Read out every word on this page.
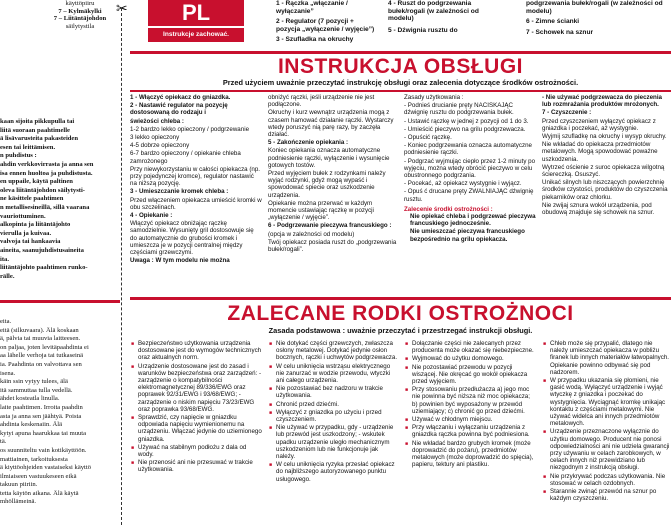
käyttöpiiru
7 – Kylmäkylki
7 – Liitäntäjohdon
säilytystila
kaan sijoita pikkupulla tai
liitä suoraan paahtimelle
ä lisävarusteita pakasteiden
esen tai leittämisen.
n puhdistus :
ahdin verkkovirrasta ja anna sen
isa ennen huoltoa ja puhdistusta.
en uppaile, käytä paltinen
oleva liitäntäjohdon säilytysti-
ne käsittele paahtimen
n metallisesineillä, sillä vaarana
vauriottuminen.
alkopinta ja liitäntäjohto
vierulla ja kuivaa.
valvoja tai hankaavia
aineita, saanujuhdistusaineita
ita.
liitäntäjohto paahtimen runko-
rälle.
eita.
eitä (silkuvaara). Älä koskaan
ä, pälvia tai muuvia laitteesen.
on paljaa, joten levitäpaahdinta ei
aa lähelle verhoja tai tutkaseinä
ia. Paahdinta on valvottava sen
isena.
käin ssin vytyy tulees, älä
itä sammuttaa tulla vedellä.
ähdet kosteatla linulla.
laite paahtimen. Irroita paahdin
asta ja anna sen jäähtyä. Poista
ahdinta keskenaiin. Älä
kytyi apuna haarukkaa tai muuta
tä.
os suunniteltu vain kotikäyttöön.
mattiainen, tarkoituksesta
ä kiyttöohjeiden vastaiseksi käyttö
ilmiaiseen vastuukeseen eikä
takuun piiriin.
tetta käytön aikana. Älä käytä
mhöllämeinä.
✂	PL
Instrukcje zachować.
1 - Rączka „włączanie / wyłączanie”
2 - Regulator (7 pozycji + pozycja „wyłączenie / wyjęcie”)
3 - Szufladka na okruchy
4 - Ruszt do podgrzewania bułek/rogali (w zależności od modelu)
5 - Dźwignia rusztu do
podgrzewania bułek/rogali (w zależności od modelu)
6 - Zimne ścianki
7 - Schowek na sznur
INSTRUKCJA OBSŁUGI
Przed użyciem uważnie przeczytać instrukcję obsługi oraz zalecenia dotyczące środków ostrożności.
1 - Włączyć opiekacz do gniazdka.
2 - Nastawić regulator na pozycję dostosowaną do rodzaju i
świeżości chleba :
1-2 bardzo lekko opieczony / podgrzewanie
3 lekko opieczony
4-5 dobrze opieczony
6-7 bardzo opieczony / opiekanie chleba zamrożonego
Przy niewykorzystaniu w całości opiekacza (np. przy pojedynczej kromce), regulator nastawić na niższą pozycję.
3 - Umieszczanie kromek chleba :
Przed włączeniem opiekacza umieścić kromki w obu szczelinach.
4 - Opiekanie :
Włączyć opiekacz obniżając rączkę samodzielnie. Wysunięty gril dostosowuje się do automatycznie do grubości kromek i umieszcza je w pozycji centralnej między częściami grzewczymi.
Uwaga : W tym modelu nie można
obniżyć rączki, jeśli urządzenie nie jest podłączone.
Okruchy i kurz wewnątrz urządzenia mogą z czasem hamować działanie rączki. Wystarczy wtedy poruszyć nią parę razy, by zaczęła działać.
5 - Zakończenie opiekania :
Koniec opiekania oznacza automatyczne podniesienie rączki, wyłączenie i wysunięcie gotowych tostów.
Przed wyjęciem bułek z rodzynkami należy wyjąć rodzynki, gdyż mogą wypaść i spowodować spiecie oraz uszkodzenie urządzenia.
Opiekanie można przerwać w każdym momencie ustawiając rączkę w pozycji „wyłączenie / wyjęcie”.
6 - Podgrzewanie pieczywa francuskiego :
(opcja w zależności od modelu)
Twój opiekacz posiada ruszt do „podgrzewania bułek/rogali”.
Zasady użytkowania :
- Podnieś drucianie pręty NACISKAJĄC dźwignię rusztu do podgrzewania bułek.
- Ustawić rączkę w jednej z pozycji od 1 do 3.
- Umieścić pieczywo na grilu podgrzewacza.
- Opuścić rączkę.
- Koniec podgrzewania oznacza automatyczne podniesienie rączki.
- Podgrzać wyjmując ciepło przez 1-2 minuty po wyjęciu, można wtedy obrócić pieczywo w celu obustronnego podgrzania.
- Pocekać, aż opiekacz wystygnie i wyjącz.
- Opuś ć drucane pręty ZWALNIAJĄC dźwignię rusztu.
Zalecenie środki ostrożności :
Nie opiekać chleba i podgrzewać pieczywa francuskiego jednocześnie.
Nie umieszczać pieczywa francuskiego bezpośrednio na grilu opiekacza.
- Nie używać podgrzewacza do pieczenia lub rozmrażania produktów mrożonych.
7 - Czyszczenie :
Przed czyszczeniem wyłączyć opiekacz z gniazdka i poczekać, aż wystygnie.
Wyjmij szufladkę na okruchy i wysyp okruchy.
Nie wkładać do opiekacza przedmiotów metalowych. Mogą spowodować poważne uszkodzenia.
Wytrzeć ościenie z suroc opiekacza wilgotną ściereczką. Osuszyć.
Unikać silnych lub niszczących powierzchnię środków czystości, produktów do czyszczenia piekarników oraz chlorku.
Nie zwijaj sznura wokół urządzenia, pod obudową znajduje się schowek na sznur.
ZALECANE RODKI OSTROŻNOCI
Zasada podstawowa : uważnie przeczytać i przestrzegać instrukcji obsługi.
■ Bezpieczeństwo użytkowania urządzenia dostosowane jest do wymogów technicznych oraz aktualnych norm.
■ Urządzenie dostosowane jest do zasad i warunków bezpieczeństwa oraz zarządzeń: - zarządzenie o kompatybilności elektromagnetycznej 89/336/EWG oraz poprawek 92/31/EWG i 93/68/EWG; - zarządzenie o niskim napięciu 73/23/EWG oraz poprawka 93/68/EWG.
■ Sprawdzić, czy napięcie w gniazdku odpowiada napięciu wymienionemu na urządzeniu. Włączać jedynie do uziemionego gniazdka.
■ Używać na stabilnym podłożu z dala od wody.
■ Nie przenosić ani nie przesuwać w trakcie użytkowania.
■ Nie dotykać części grzewczych, zwłaszcza osłony metalowej. Dotykać jedynie osłon bocznych, rączki i uchwytów podgrzewacza.
■ W celu uniknięcia wstrząsu elektrycznego nie zanurzać w wodzie przewodu, wtyczki ani całego urządzenia.
■ Nie pozostawiać bez nadzoru w trakcie użytkowania.
■ Chronić przed dziećmi.
■ Wyłączyć z gniazdka po użyciu i przed czyszczeniem.
■ Nie używać w przypadku, gdy - urządzenie lub przewód jest uszkodzony; - wskutek upadku urządzenie uległo mechanicznym uszkodzeniom lub nie funkcjonuje jak należy.
■ W celu uniknięcia ryzyka przesłać opiekacz do najbliższego autoryzowanego punktu usługowego.
■ Dołączanie części nie zalecanych przez producenta może okazać się niebezpieczne.
■ Wyjmować do użytku domowego.
■ Nie pozostawiać przewodu w pozycji wiszącej. Nie okręcać go wokół opiekacza przed wyjęciem.
■ Przy stosowaniu przedłużacza a) jego moc nie powinna być niższa niż moc opiekacza; b) powinien być wyposażony w przewód uziemiający; c) chronić go przed dziećmi.
■ Używać w chłodnym miejscu.
■ Przy włączaniu i wyłączaniu urządzenia z gniazdka rączka powinna być podniesiona.
■ Nie wkładać bardzo grubych kromek (może doprowadzić do pożaru), przedmiotów metalowych (może doprowadzić do spięcia), papieru, tektury ani plastiku.
■ Chleb może się przypalić, dlatego nie należy umieszczać opiekacza w pobliżu firanek lub innych materiałów łatwopalnych. Opiekanie powinno odbywać się pod nadzorem.
■ W przypadku ukazania się płomieni, nie gasić wodą. Wyłączyć urządzenie i wyjąć wtyczkę z gniazdka i poczekać do wystygnięcia. Wyciągnąć kromkę unikając kontaktu z częściami metalowymi. Nie używać widelca ani innych przedmiotów metalowych.
■ Urządzenie przeznaczone wyłącznie do użytku domowego. Producent nie ponosi odpowiedzialności ani nie udziela gwarancji przy używaniu w celach zarobkowych, w celach innych niż przewidziano lub niezgodnym z instrukcją obsługi.
■ Nie przykrywać podczas użytkowania. Nie stosować w celach ozdobnych.
■ Starannie zwinąć przewód na sznur po każdym czyszczeniu.
